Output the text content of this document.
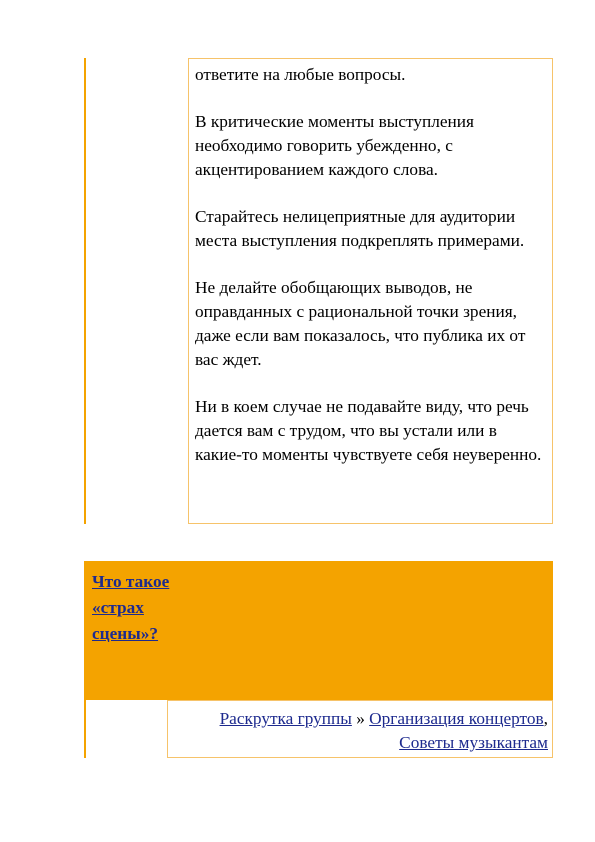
ответите на любые вопросы.

В критические моменты выступления необходимо говорить убежденно, с акцентированием каждого слова.

Старайтесь нелицеприятные для аудитории места выступления подкреплять примерами.

Не делайте обобщающих выводов, не оправданных с рациональной точки зрения, даже если вам показалось, что публика их от вас ждет.

Ни в коем случае не подавайте виду, что речь дается вам с трудом, что вы устали или в какие-то моменты чувствуете себя неуверенно.

Что такое «страх сцены»?
Раскрутка группы » Организация концертов, Советы музыкантам
